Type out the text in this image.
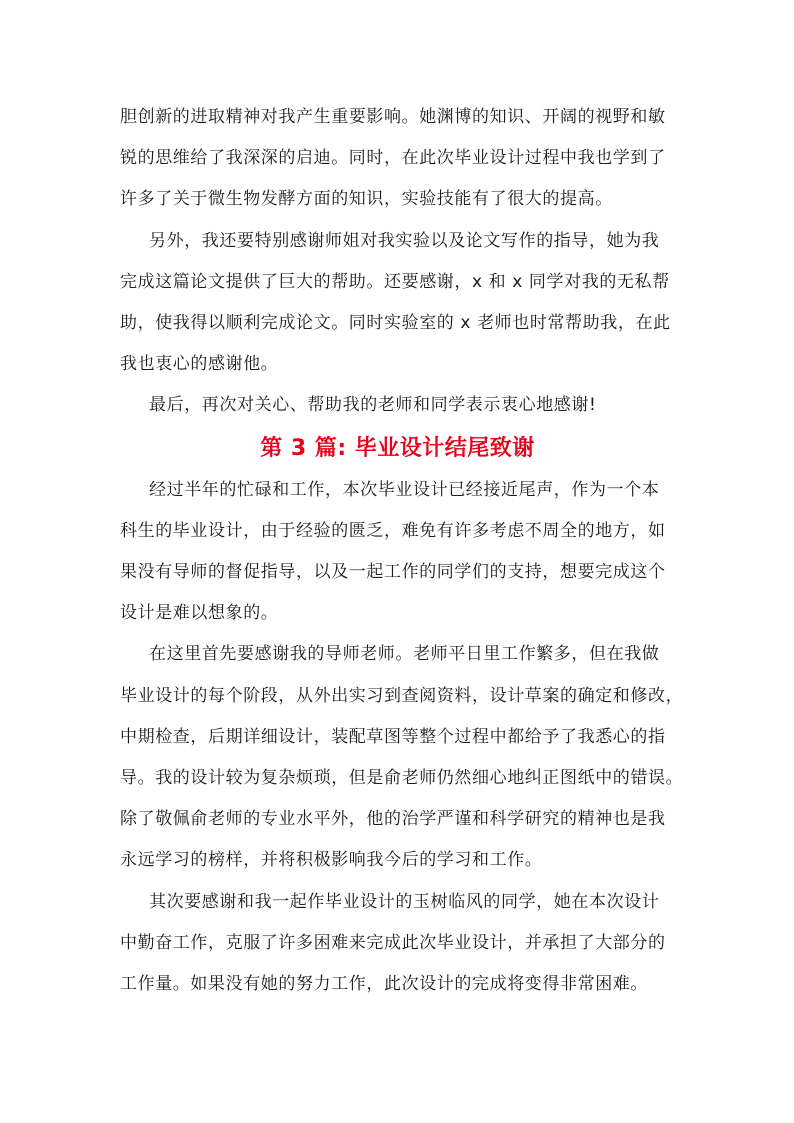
胆创新的进取精神对我产生重要影响。她渊博的知识、开阔的视野和敏
锐的思维给了我深深的启迪。同时，在此次毕业设计过程中我也学到了
许多了关于微生物发酵方面的知识，实验技能有了很大的提高。

另外，我还要特别感谢师姐对我实验以及论文写作的指导，她为我
完成这篇论文提供了巨大的帮助。还要感谢，x 和 x 同学对我的无私帮
助，使我得以顺利完成论文。同时实验室的 x 老师也时常帮助我，在此
我也衷心的感谢他。

最后，再次对关心、帮助我的老师和同学表示衷心地感谢!

第 3 篇: 毕业设计结尾致谢

经过半年的忙碌和工作，本次毕业设计已经接近尾声，作为一个本
科生的毕业设计，由于经验的匮乏，难免有许多考虑不周全的地方，如
果没有导师的督促指导，以及一起工作的同学们的支持，想要完成这个
设计是难以想象的。

在这里首先要感谢我的导师老师。老师平日里工作繁多，但在我做
毕业设计的每个阶段，从外出实习到查阅资料，设计草案的确定和修改，
中期检查，后期详细设计，装配草图等整个过程中都给予了我悉心的指
导。我的设计较为复杂烦琐，但是俞老师仍然细心地纠正图纸中的错误。
除了敬佩俞老师的专业水平外，他的治学严谨和科学研究的精神也是我
永远学习的榜样，并将积极影响我今后的学习和工作。

其次要感谢和我一起作毕业设计的玉树临风的同学，她在本次设计
中勤奋工作，克服了许多困难来完成此次毕业设计，并承担了大部分的
工作量。如果没有她的努力工作，此次设计的完成将变得非常困难。
